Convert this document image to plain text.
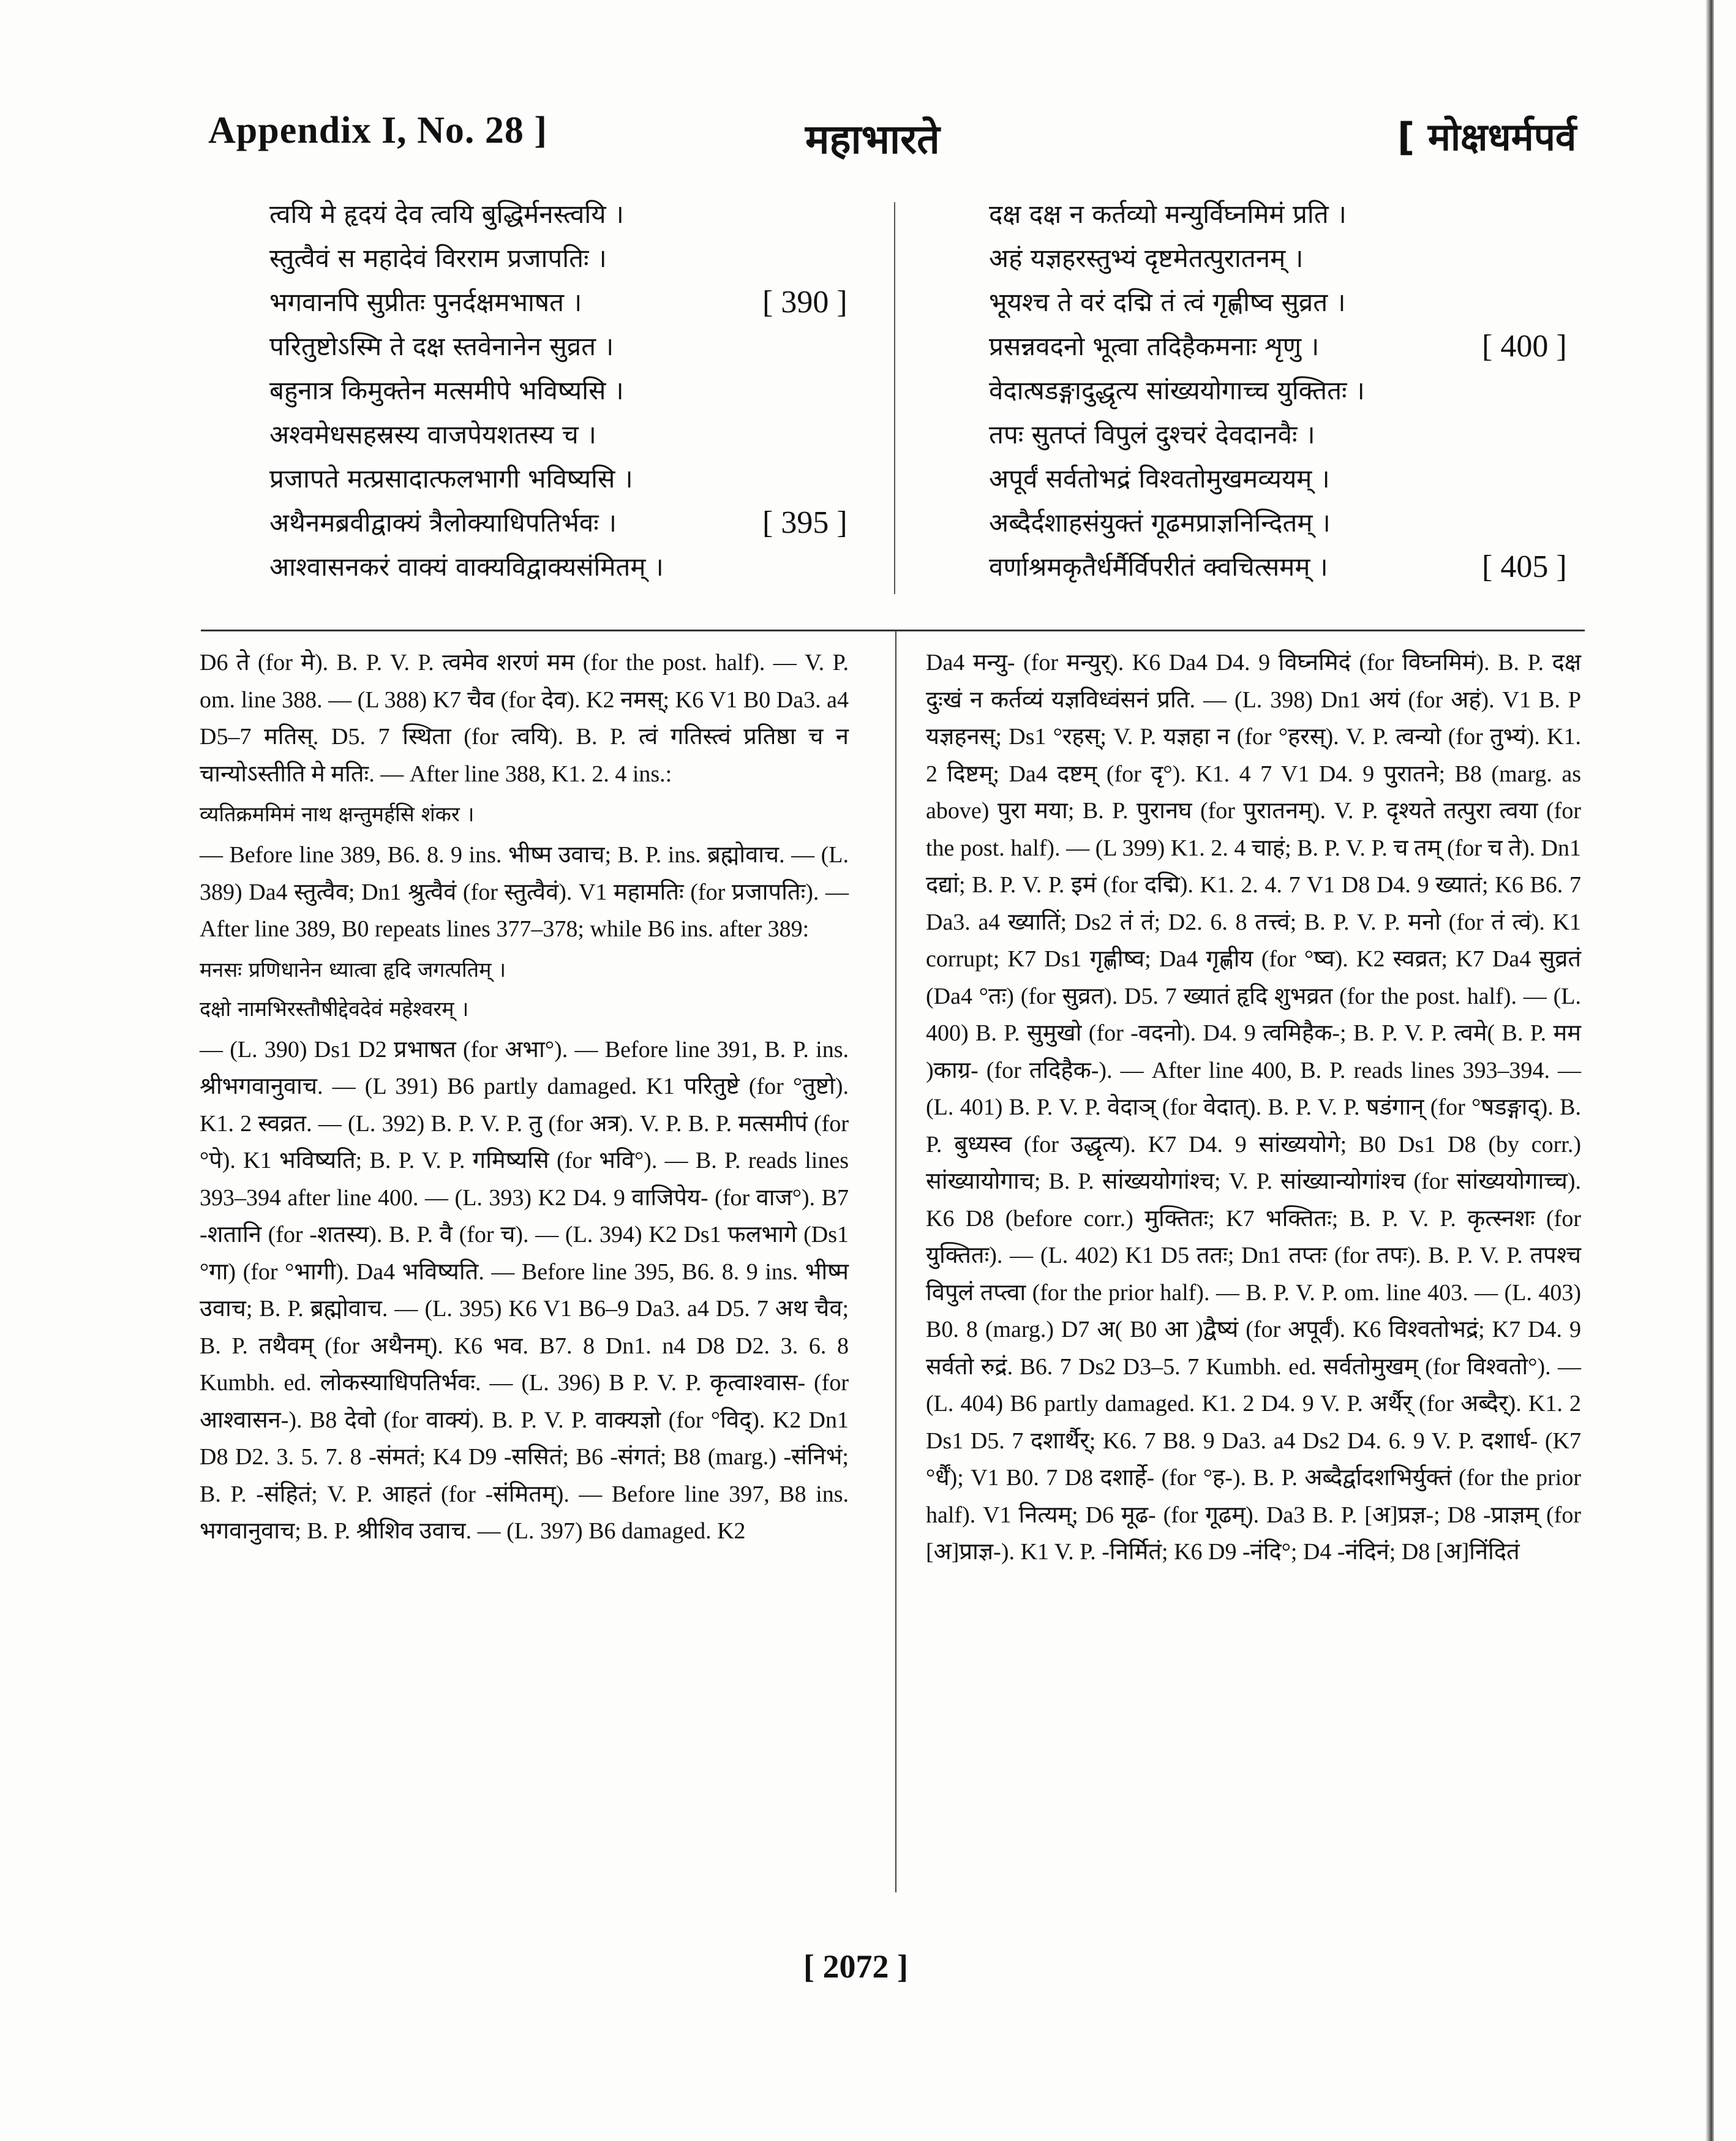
Appendix I, No. 28 ]	महाभारते	[ मोक्षधर्मपर्व
त्वयि मे हृदयं देव त्वयि बुद्धिर्मनस्त्वयि ।
स्तुत्वैवं स महादेवं विरराम प्रजापतिः ।
भगवानपि सुप्रीतः पुनर्दक्षमभाषत ।	[ 390 ]
परितुष्टोऽस्मि ते दक्ष स्तवेनानेन सुव्रत ।
बहुनात्र किमुक्तेन मत्समीपे भविष्यसि ।
अश्वमेधसहस्रस्य वाजपेयशतस्य च ।
प्रजापते मत्प्रसादात्फलभागी भविष्यसि ।
अथैनमब्रवीद्वाक्यं त्रैलोक्याधिपतिर्भवः ।	[ 395 ]
आश्वासनकरं वाक्यं वाक्यविद्वाक्यसंमितम् ।
दक्ष दक्ष न कर्तव्यो मन्युर्विघ्नमिमं प्रति ।
अहं यज्ञहरस्तुभ्यं दृष्टमेतत्पुरातनम् ।
भूयश्च ते वरं दद्मि तं त्वं गृह्णीष्व सुव्रत ।
प्रसन्नवदनो भूत्वा तदिहैकमनाः शृणु ।	[ 400 ]
वेदात्षडङ्गादुद्धृत्य सांख्ययोगाच्च युक्तितः ।
तपः सुतप्तं विपुलं दुश्चरं देवदानवैः ।
अपूर्वं सर्वतोभद्रं विश्वतोमुखमव्ययम् ।
अब्दैर्दशाहसंयुक्तं गूढमप्राज्ञनिन्दितम् ।
वर्णाश्रमकृतैर्धर्मैर्विपरीतं क्वचित्समम् ।	[ 405 ]

D6 ते (for मे). B. P. V. P. त्वमेव शरणं मम (for the post. half). — V. P. om. line 388. — (L 388) K7 चैव (for देव). K2 नमस्; K6 V1 B0 Da3. a4 D5–7 मतिस्. D5. 7 स्थिता (for त्वयि). B. P. त्वं गतिस्त्वं प्रतिष्ठा च न चान्योऽस्तीति मे मतिः. — After line 388, K1. 2. 4 ins.:

व्यतिक्रममिमं नाथ क्षन्तुमर्हसि शंकर ।

— Before line 389, B6. 8. 9 ins. भीष्म उवाच; B. P. ins. ब्रह्मोवाच. — (L. 389) Da4 स्तुत्वैव; Dn1 श्रुत्वैवं (for स्तुत्वैवं). V1 महामतिः (for प्रजापतिः). — After line 389, B0 repeats lines 377–378; while B6 ins. after 389:

मनसः प्रणिधानेन ध्यात्वा हृदि जगत्पतिम् ।

दक्षो नामभिरस्तौषीद्देवदेवं महेश्वरम् ।

— (L. 390) Ds1 D2 प्रभाषत (for अभा°). — Before line 391, B. P. ins. श्रीभगवानुवाच. — (L 391) B6 partly damaged. K1 परितुष्टे (for °तुष्टो). K1. 2 स्वव्रत. — (L. 392) B. P. V. P. तु (for अत्र). V. P. B. P. मत्समीपं (for °पे). K1 भविष्यति; B. P. V. P. गमिष्यसि (for भवि°). — B. P. reads lines 393–394 after line 400. — (L. 393) K2 D4. 9 वाजिपेय- (for वाज°). B7 -शतानि (for -शतस्य). B. P. वै (for च). — (L. 394) K2 Ds1 फलभागे (Ds1 °गा) (for °भागी). Da4 भविष्यति. — Before line 395, B6. 8. 9 ins. भीष्म उवाच; B. P. ब्रह्मोवाच. — (L. 395) K6 V1 B6–9 Da3. a4 D5. 7 अथ चैव; B. P. तथैवम् (for अथैनम्). K6 भव. B7. 8 Dn1. n4 D8 D2. 3. 6. 8 Kumbh. ed. लोकस्याधिपतिर्भवः. — (L. 396) B P. V. P. कृत्वाश्वास- (for आश्वासन-). B8 देवो (for वाक्यं). B. P. V. P. वाक्यज्ञो (for °विद्). K2 Dn1 D8 D2. 3. 5. 7. 8 -संमतं; K4 D9 -ससितं; B6 -संगतं; B8 (marg.) -संनिभं; B. P. -संहितं; V. P. आहतं (for -संमितम्). — Before line 397, B8 ins. भगवानुवाच; B. P. श्रीशिव उवाच. — (L. 397) B6 damaged. K2

Da4 मन्यु- (for मन्युर्). K6 Da4 D4. 9 विघ्नमिदं (for विघ्नमिमं). B. P. दक्ष दुःखं न कर्तव्यं यज्ञविध्वंसनं प्रति. — (L. 398) Dn1 अयं (for अहं). V1 B. P यज्ञहनस्; Ds1 °रहस्; V. P. यज्ञहा न (for °हरस्). V. P. त्वन्यो (for तुभ्यं). K1. 2 दिष्टम्; Da4 दष्टम् (for दृ°). K1. 4 7 V1 D4. 9 पुरातने; B8 (marg. as above) पुरा मया; B. P. पुरानघ (for पुरातनम्). V. P. दृश्यते तत्पुरा त्वया (for the post. half). — (L 399) K1. 2. 4 चाहं; B. P. V. P. च तम् (for च ते). Dn1 दद्यां; B. P. V. P. इमं (for दद्मि). K1. 2. 4. 7 V1 D8 D4. 9 ख्यातं; K6 B6. 7 Da3. a4 ख्यातिं; Ds2 तं तं; D2. 6. 8 तत्त्वं; B. P. V. P. मनो (for तं त्वं). K1 corrupt; K7 Ds1 गृह्णीष्व; Da4 गृह्णीय (for °ष्व). K2 स्वव्रत; K7 Da4 सुव्रतं (Da4 °तः) (for सुव्रत). D5. 7 ख्यातं हृदि शुभव्रत (for the post. half). — (L. 400) B. P. सुमुखो (for -वदनो). D4. 9 त्वमिहैक-; B. P. V. P. त्वमे( B. P. मम )काग्र- (for तदिहैक-). — After line 400, B. P. reads lines 393–394. — (L. 401) B. P. V. P. वेदाञ् (for वेदात्). B. P. V. P. षडंगान् (for °षडङ्गाद्). B. P. बुध्यस्व (for उद्धृत्य). K7 D4. 9 सांख्ययोगे; B0 Ds1 D8 (by corr.) सांख्यायोगाच; B. P. सांख्ययोगांश्च; V. P. सांख्यान्योगांश्च (for सांख्ययोगाच्च). K6 D8 (before corr.) मुक्तितः; K7 भक्तितः; B. P. V. P. कृत्स्नशः (for युक्तितः). — (L. 402) K1 D5 ततः; Dn1 तप्तः (for तपः). B. P. V. P. तपश्च विपुलं तप्त्वा (for the prior half). — B. P. V. P. om. line 403. — (L. 403) B0. 8 (marg.) D7 अ( B0 आ )द्वैष्यं (for अपूर्वं). K6 विश्वतोभद्रं; K7 D4. 9 सर्वतो रुद्रं. B6. 7 Ds2 D3–5. 7 Kumbh. ed. सर्वतोमुखम् (for विश्वतो°). — (L. 404) B6 partly damaged. K1. 2 D4. 9 V. P. अर्थैर् (for अब्दैर्). K1. 2 Ds1 D5. 7 दशार्थैर्; K6. 7 B8. 9 Da3. a4 Ds2 D4. 6. 9 V. P. दशार्ध- (K7 °र्धैं); V1 B0. 7 D8 दशार्हे- (for °ह-). B. P. अब्दैर्द्वादशभिर्युक्तं (for the prior half). V1 नित्यम्; D6 मूढ- (for गूढम्). Da3 B. P. [अ]प्रज्ञ-; D8 -प्राज्ञम् (for [अ]प्राज्ञ-). K1 V. P. -निर्मितं; K6 D9 -नंदि°; D4 -नंदिनं; D8 [अ]निंदितं

[ 2072 ]
